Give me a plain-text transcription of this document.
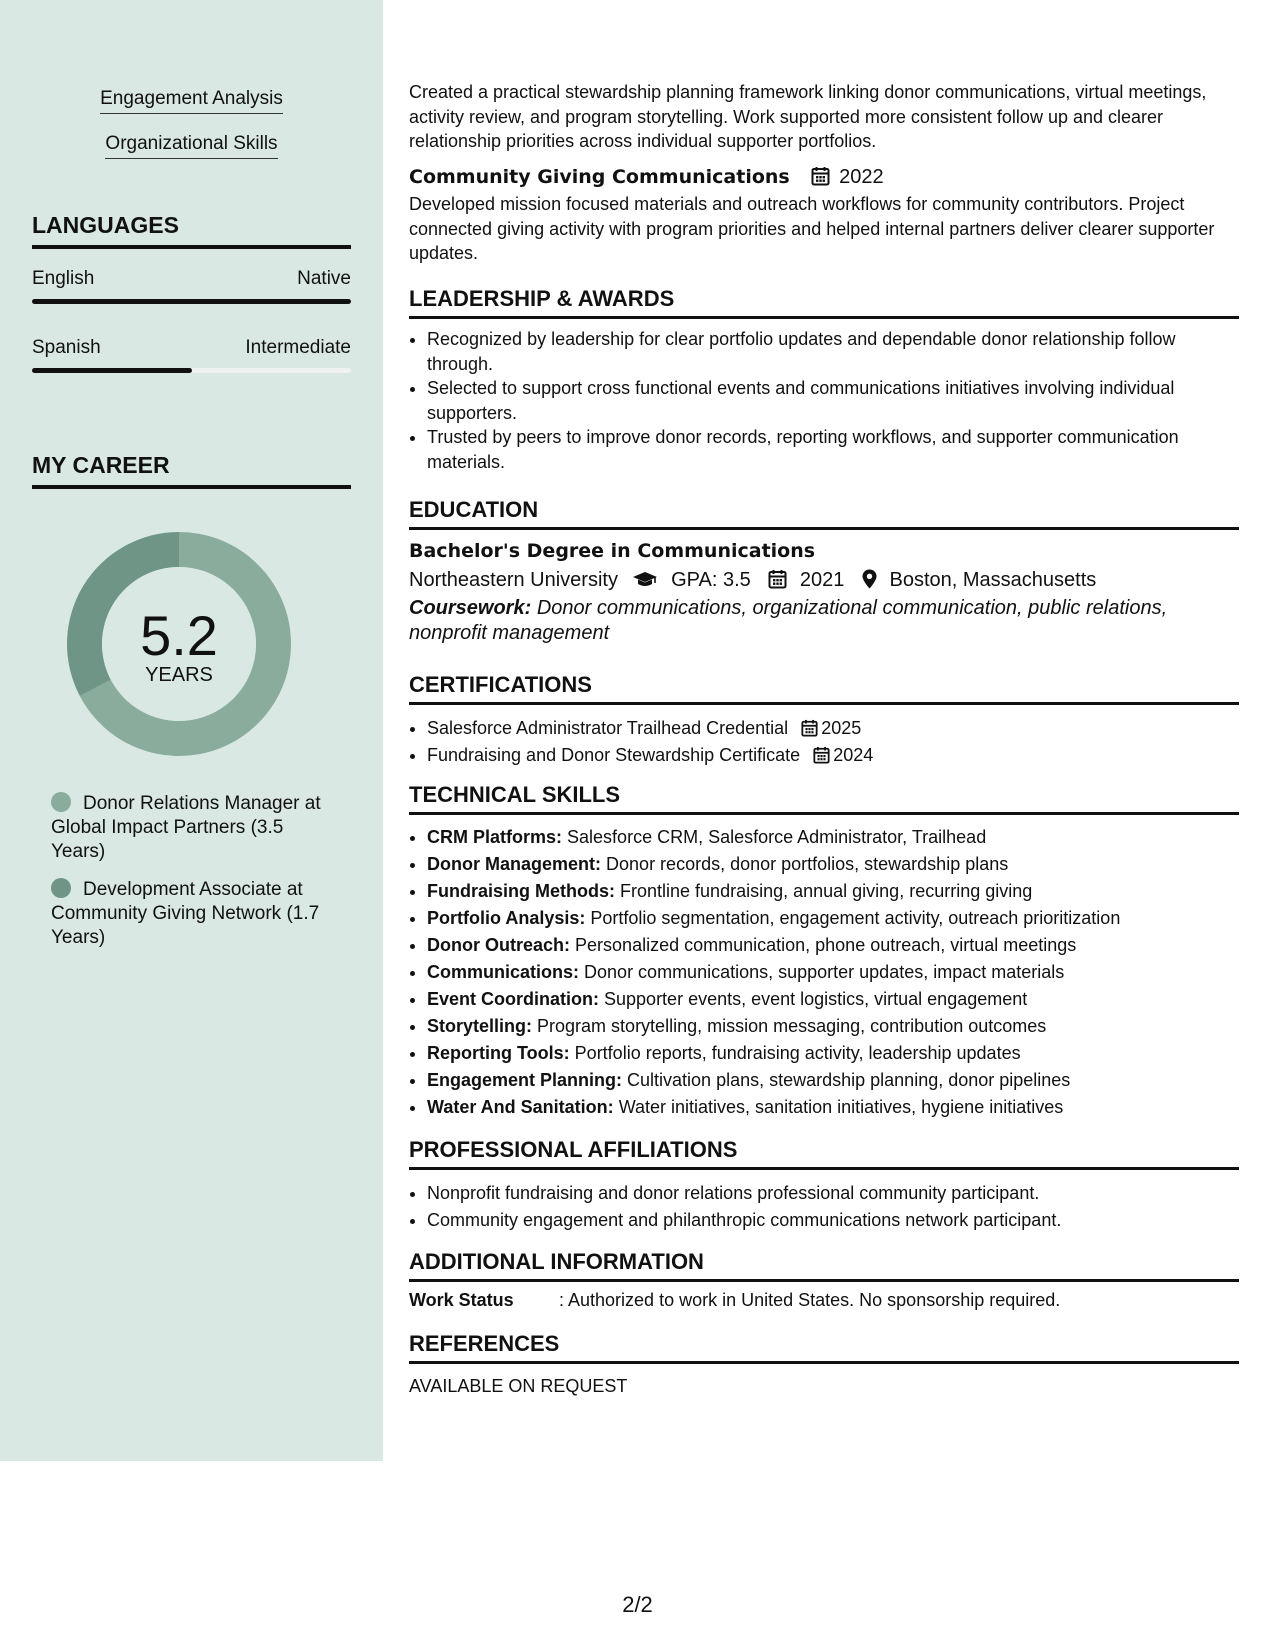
Engagement Analysis
Organizational Skills
LANGUAGES
English	Native
Spanish	Intermediate
MY CAREER
5.2
YEARS
Donor Relations Manager at Global Impact Partners (3.5 Years)
Development Associate at Community Giving Network (1.7 Years)

Created a practical stewardship planning framework linking donor communications, virtual meetings, activity review, and program storytelling. Work supported more consistent follow up and clearer relationship priorities across individual supporter portfolios.

Community Giving Communications 2022

Developed mission focused materials and outreach workflows for community contributors. Project connected giving activity with program priorities and helped internal partners deliver clearer supporter updates.

LEADERSHIP & AWARDS
• Recognized by leadership for clear portfolio updates and dependable donor relationship follow through.
• Selected to support cross functional events and communications initiatives involving individual supporters.
• Trusted by peers to improve donor records, reporting workflows, and supporter communication materials.
EDUCATION
Bachelor's Degree in Communications
Northeastern University	GPA: 3.5 2021 Boston, Massachusetts
Coursework: Donor communications, organizational communication, public relations, nonprofit management
CERTIFICATIONS
• Salesforce Administrator Trailhead Credential 2025
• Fundraising and Donor Stewardship Certificate 2024
TECHNICAL SKILLS
• CRM Platforms: Salesforce CRM, Salesforce Administrator, Trailhead
• Donor Management: Donor records, donor portfolios, stewardship plans
• Fundraising Methods: Frontline fundraising, annual giving, recurring giving
• Portfolio Analysis: Portfolio segmentation, engagement activity, outreach prioritization
• Donor Outreach: Personalized communication, phone outreach, virtual meetings
• Communications: Donor communications, supporter updates, impact materials
• Event Coordination: Supporter events, event logistics, virtual engagement
• Storytelling: Program storytelling, mission messaging, contribution outcomes
• Reporting Tools: Portfolio reports, fundraising activity, leadership updates
• Engagement Planning: Cultivation plans, stewardship planning, donor pipelines
• Water And Sanitation: Water initiatives, sanitation initiatives, hygiene initiatives
PROFESSIONAL AFFILIATIONS
• Nonprofit fundraising and donor relations professional community participant.
• Community engagement and philanthropic communications network participant.
ADDITIONAL INFORMATION
Work Status	: Authorized to work in United States. No sponsorship required.
REFERENCES
AVAILABLE ON REQUEST
2/2
